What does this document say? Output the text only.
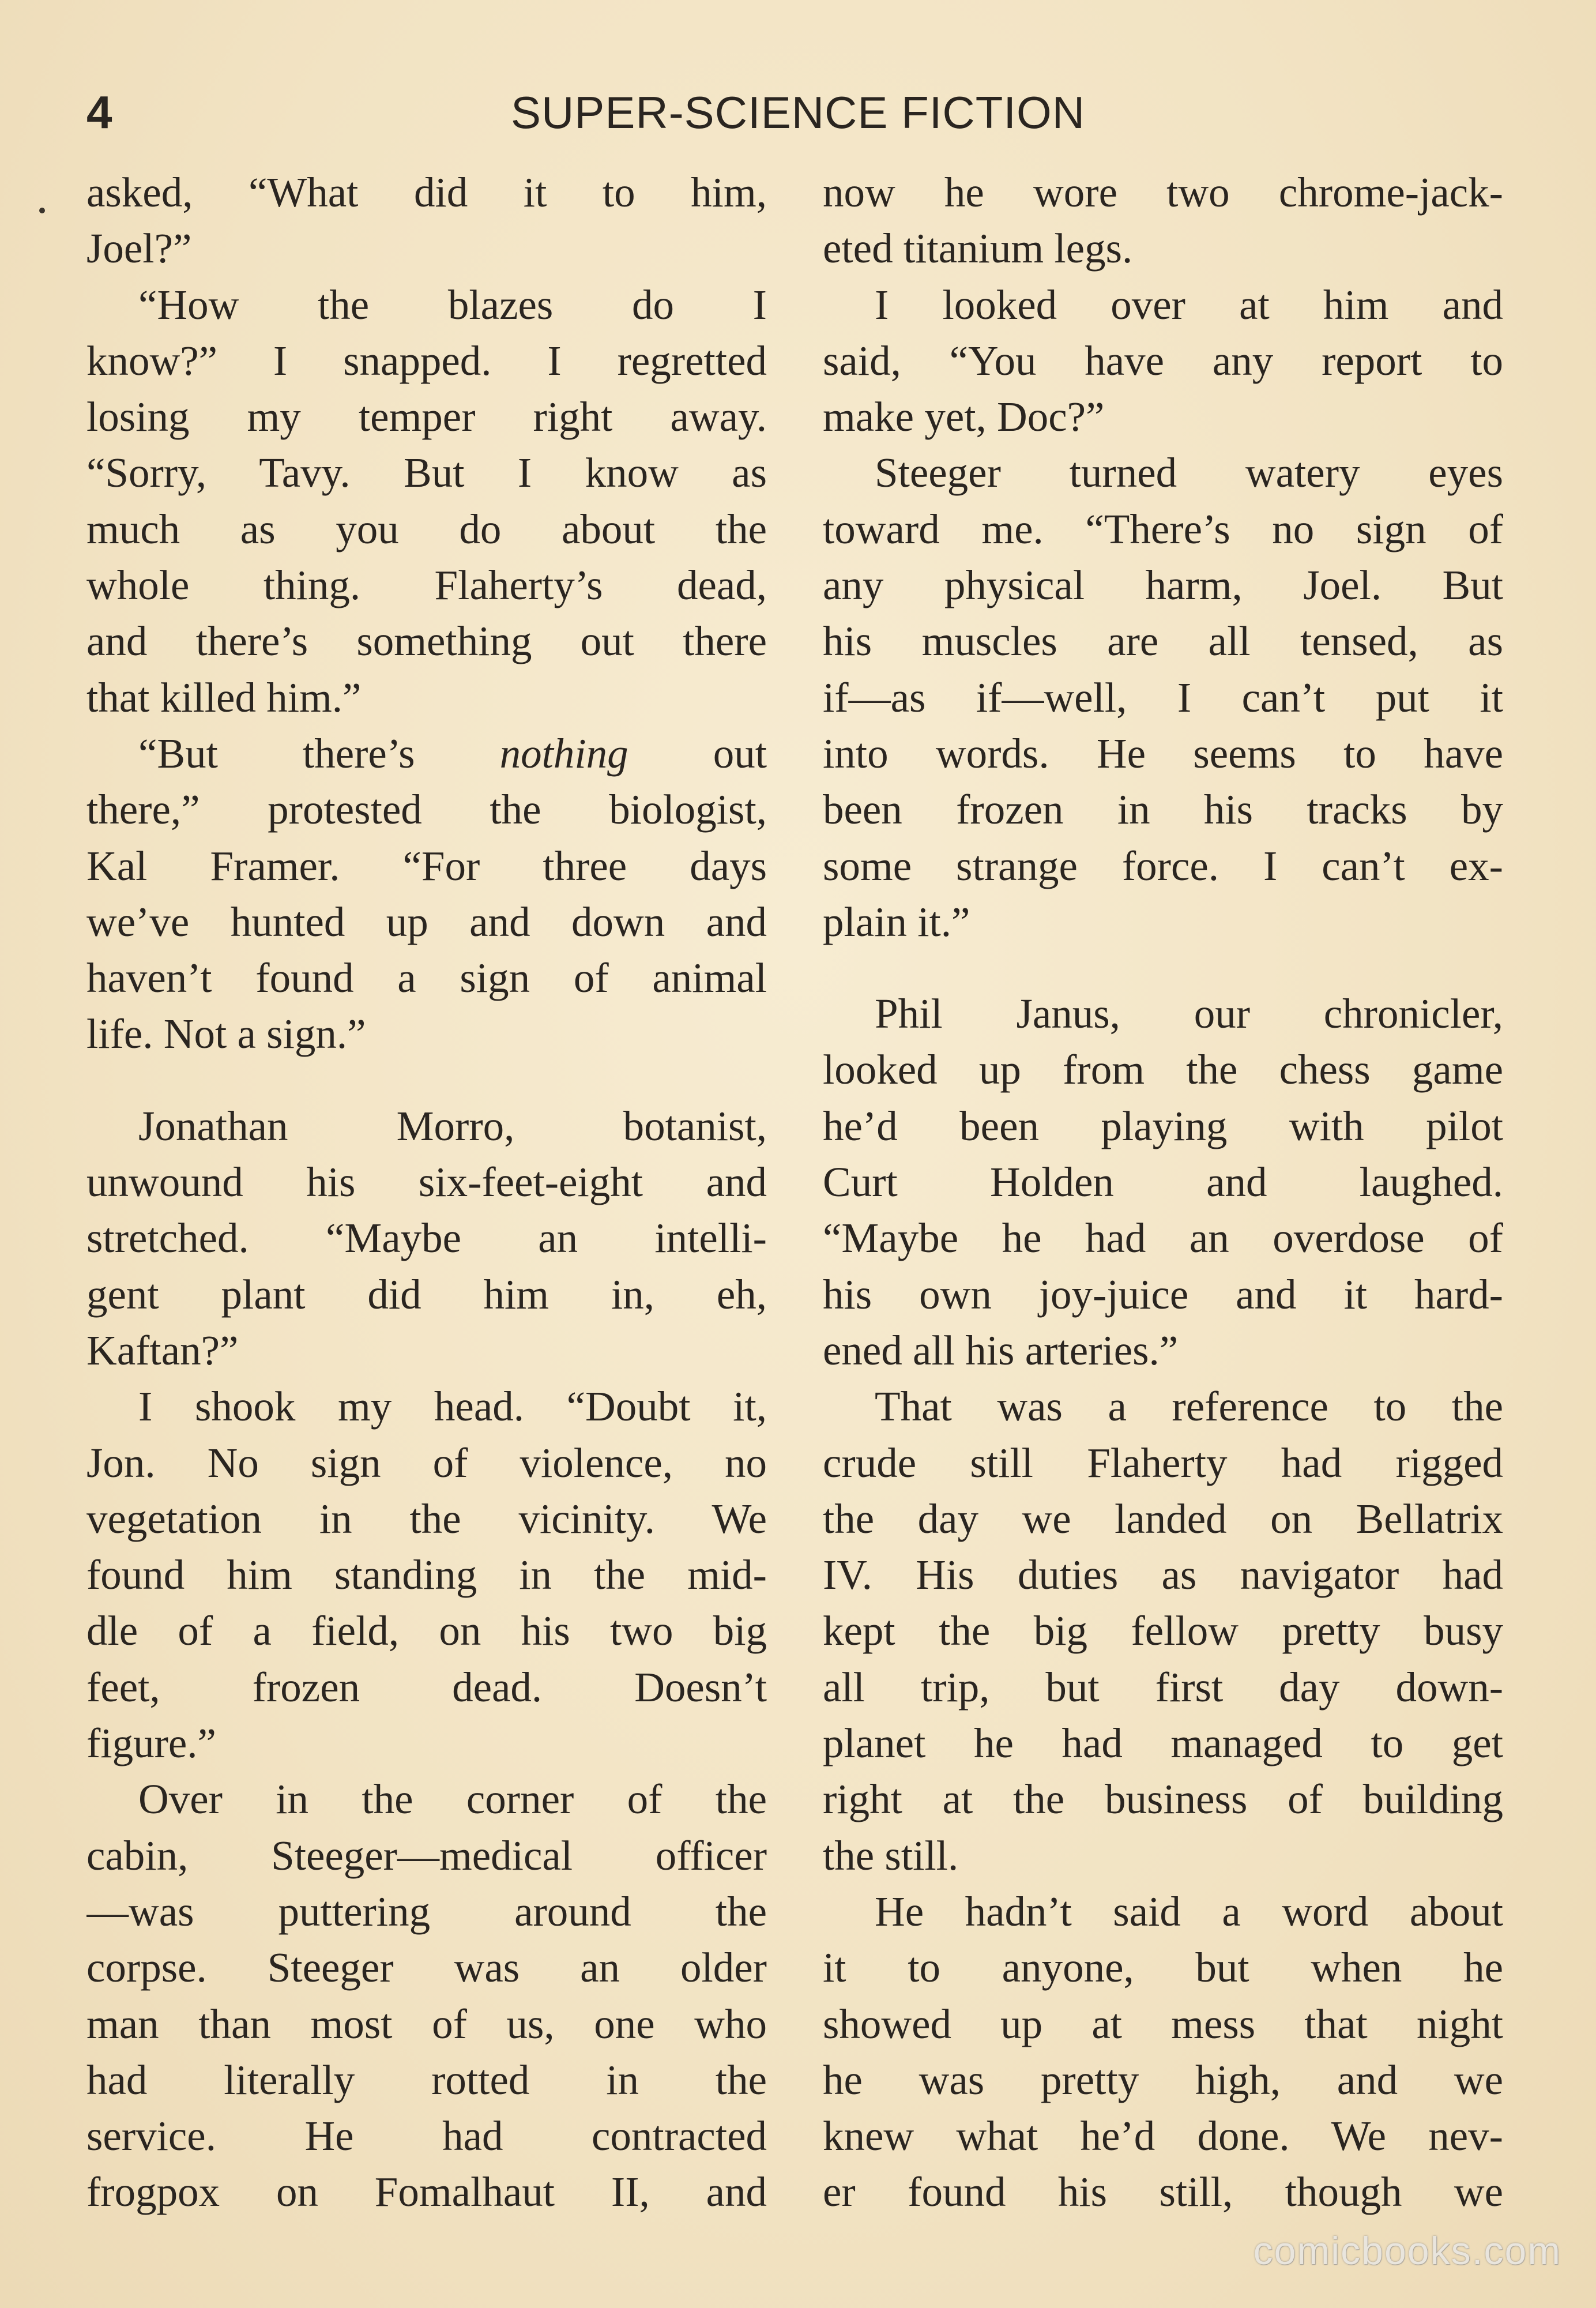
4	SUPER-SCIENCE FICTION
asked, “What did it to him,
Joel?”
“How the blazes do I
know?” I snapped. I regretted
losing my temper right away.
“Sorry, Tavy. But I know as
much as you do about the
whole thing. Flaherty’s dead,
and there’s something out there
that killed him.”
“But there’s nothing out
there,” protested the biologist,
Kal Framer. “For three days
we’ve hunted up and down and
haven’t found a sign of animal
life. Not a sign.”
Jonathan Morro, botanist,
unwound his six-feet-eight and
stretched. “Maybe an intelli-
gent plant did him in, eh,
Kaftan?”
I shook my head. “Doubt it,
Jon. No sign of violence, no
vegetation in the vicinity. We
found him standing in the mid-
dle of a field, on his two big
feet, frozen dead. Doesn’t
figure.”
Over in the corner of the
cabin, Steeger—medical officer
—was puttering around the
corpse. Steeger was an older
man than most of us, one who
had literally rotted in the
service. He had contracted
frogpox on Fomalhaut II, and
now he wore two chrome-jack-
eted titanium legs.
I looked over at him and
said, “You have any report to
make yet, Doc?”
Steeger turned watery eyes
toward me. “There’s no sign of
any physical harm, Joel. But
his muscles are all tensed, as
if—as if—well, I can’t put it
into words. He seems to have
been frozen in his tracks by
some strange force. I can’t ex-
plain it.”
Phil Janus, our chronicler,
looked up from the chess game
he’d been playing with pilot
Curt Holden and laughed.
“Maybe he had an overdose of
his own joy-juice and it hard-
ened all his arteries.”
That was a reference to the
crude still Flaherty had rigged
the day we landed on Bellatrix
IV. His duties as navigator had
kept the big fellow pretty busy
all trip, but first day down-
planet he had managed to get
right at the business of building
the still.
He hadn’t said a word about
it to anyone, but when he
showed up at mess that night
he was pretty high, and we
knew what he’d done. We nev-
er found his still, though we
comicbooks.com
